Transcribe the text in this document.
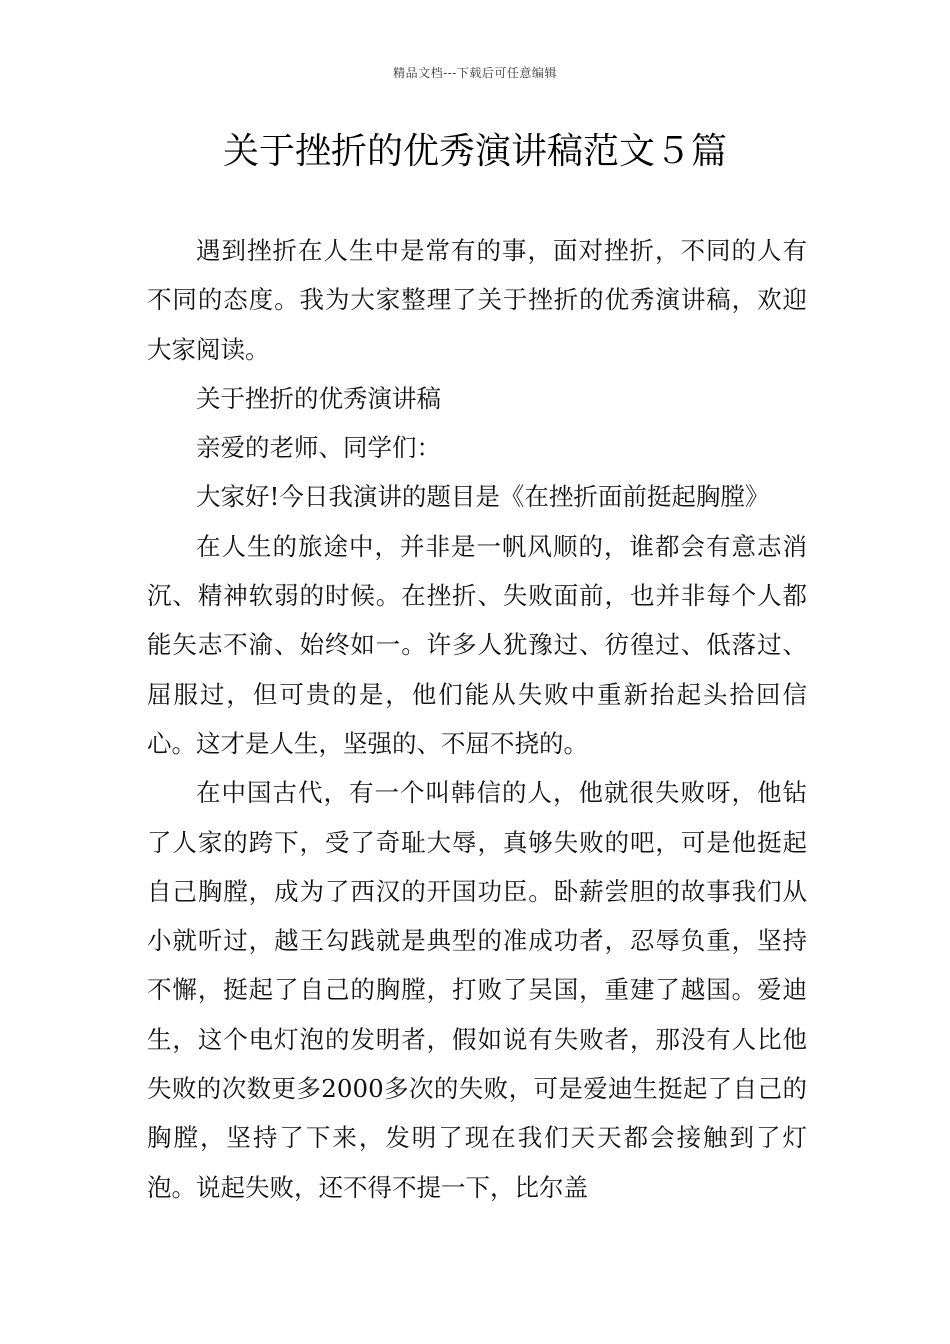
精品文档---下载后可任意编辑
关于挫折的优秀演讲稿范文５篇

遇到挫折在人生中是常有的事，面对挫折，不同的人有不同的态度。我为大家整理了关于挫折的优秀演讲稿，欢迎大家阅读。

关于挫折的优秀演讲稿

亲爱的老师、同学们：

大家好!今日我演讲的题目是《在挫折面前挺起胸膛》

在人生的旅途中，并非是一帆风顺的，谁都会有意志消沉、精神软弱的时候。在挫折、失败面前，也并非每个人都能矢志不渝、始终如一。许多人犹豫过、彷徨过、低落过、屈服过，但可贵的是，他们能从失败中重新抬起头拾回信心。这才是人生，坚强的、不屈不挠的。

在中国古代，有一个叫韩信的人，他就很失败呀，他钻了人家的跨下，受了奇耻大辱，真够失败的吧，可是他挺起自己胸膛，成为了西汉的开国功臣。卧薪尝胆的故事我们从小就听过，越王勾践就是典型的准成功者，忍辱负重，坚持不懈，挺起了自己的胸膛，打败了吴国，重建了越国。爱迪生，这个电灯泡的发明者，假如说有失败者，那没有人比他失败的次数更多2000多次的失败，可是爱迪生挺起了自己的胸膛，坚持了下来，发明了现在我们天天都会接触到了灯泡。说起失败，还不得不提一下，比尔盖
